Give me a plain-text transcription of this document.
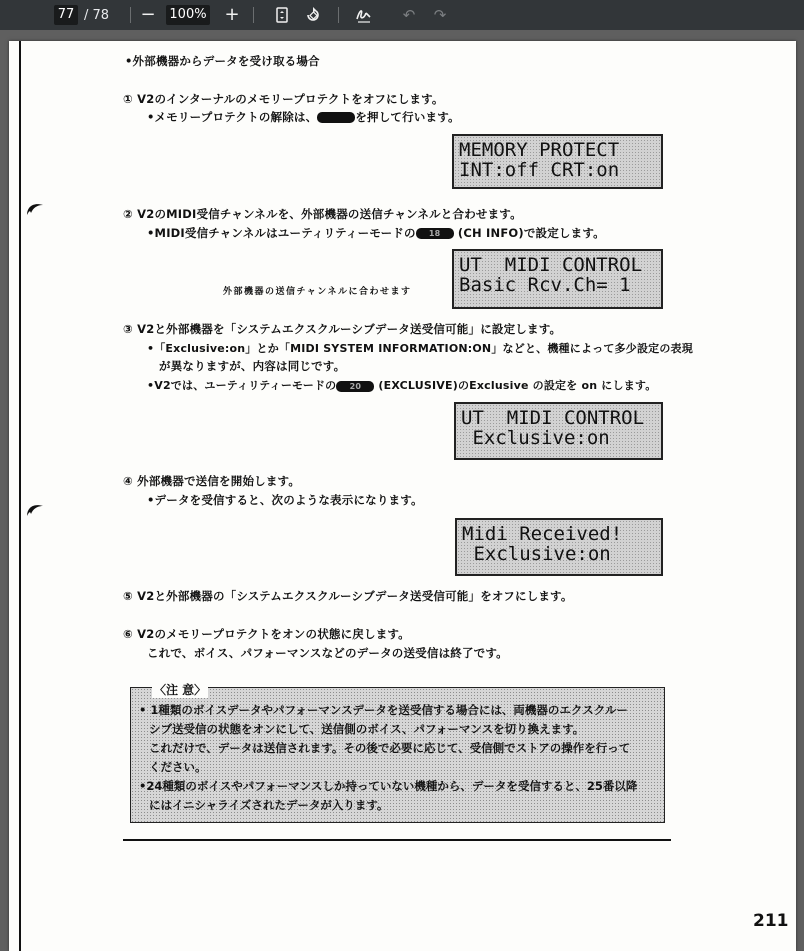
77 / 78 − 100% +	↶ ↷
•外部機器からデータを受け取る場合
① V2のインターナルのメモリープロテクトをオフにします。
•メモリープロテクトの解除は、	を押して行います。
MEMORY PROTECT
INT:off CRT:on
② V2のMIDI受信チャンネルを、外部機器の送信チャンネルと合わせます。
•MIDI受信チャンネルはユーティリティーモードの 18 (CH INFO)で設定します。
外部機器の送信チャンネルに合わせます
UT  MIDI CONTROL
Basic Rcv.Ch= 1
③ V2と外部機器を「システムエクスクルーシブデータ送受信可能」に設定します。
•「Exclusive:on」とか「MIDI SYSTEM INFORMATION:ON」などと、機種によって多少設定の表現
が異なりますが、内容は同じです。
•V2では、ユーティリティーモードの 20 (EXCLUSIVE)のExclusive の設定を on にします。
UT  MIDI CONTROL
Exclusive:on
④ 外部機器で送信を開始します。
•データを受信すると、次のような表示になります。
Midi Received!
Exclusive:on
⑤ V2と外部機器の「システムエクスクルーシブデータ送受信可能」をオフにします。
⑥ V2のメモリープロテクトをオンの状態に戻します。
これで、ボイス、パフォーマンスなどのデータの送受信は終了です。
• 1種類のボイスデータやパフォーマンスデータを送受信する場合には、両機器のエクスクルー
シブ送受信の状態をオンにして、送信側のボイス、パフォーマンスを切り換えます。
これだけで、データは送信されます。その後で必要に応じて、受信側でストアの操作を行って
ください。
•24種類のボイスやパフォーマンスしか持っていない機種から、データを受信すると、25番以降
にはイニシャライズされたデータが入ります。
〈注 意〉
211
